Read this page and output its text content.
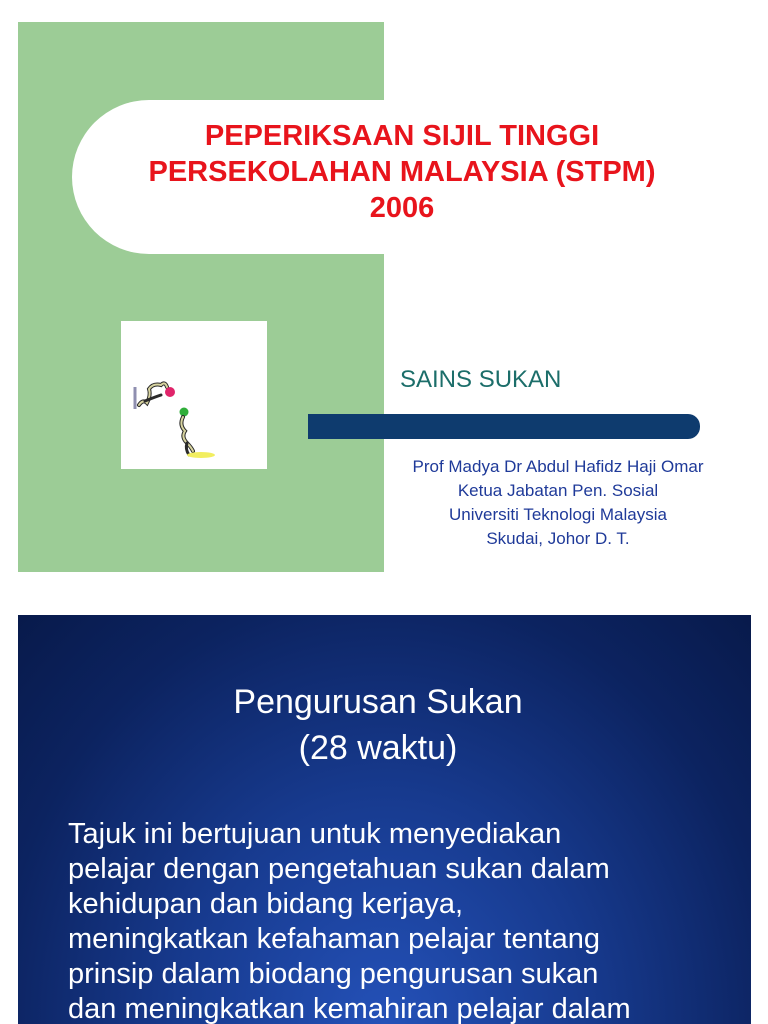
PEPERIKSAAN SIJIL TINGGI
PERSEKOLAHAN MALAYSIA (STPM)
2006

SAINS SUKAN

Prof Madya Dr Abdul Hafidz Haji Omar
Ketua Jabatan Pen. Sosial
Universiti Teknologi Malaysia
Skudai, Johor D. T.
Pengurusan Sukan
(28 waktu)

Tajuk ini bertujuan untuk menyediakan
pelajar dengan pengetahuan sukan dalam
kehidupan dan bidang kerjaya,
meningkatkan kefahaman pelajar tentang
prinsip dalam biodang pengurusan sukan
dan meningkatkan kemahiran pelajar dalam
